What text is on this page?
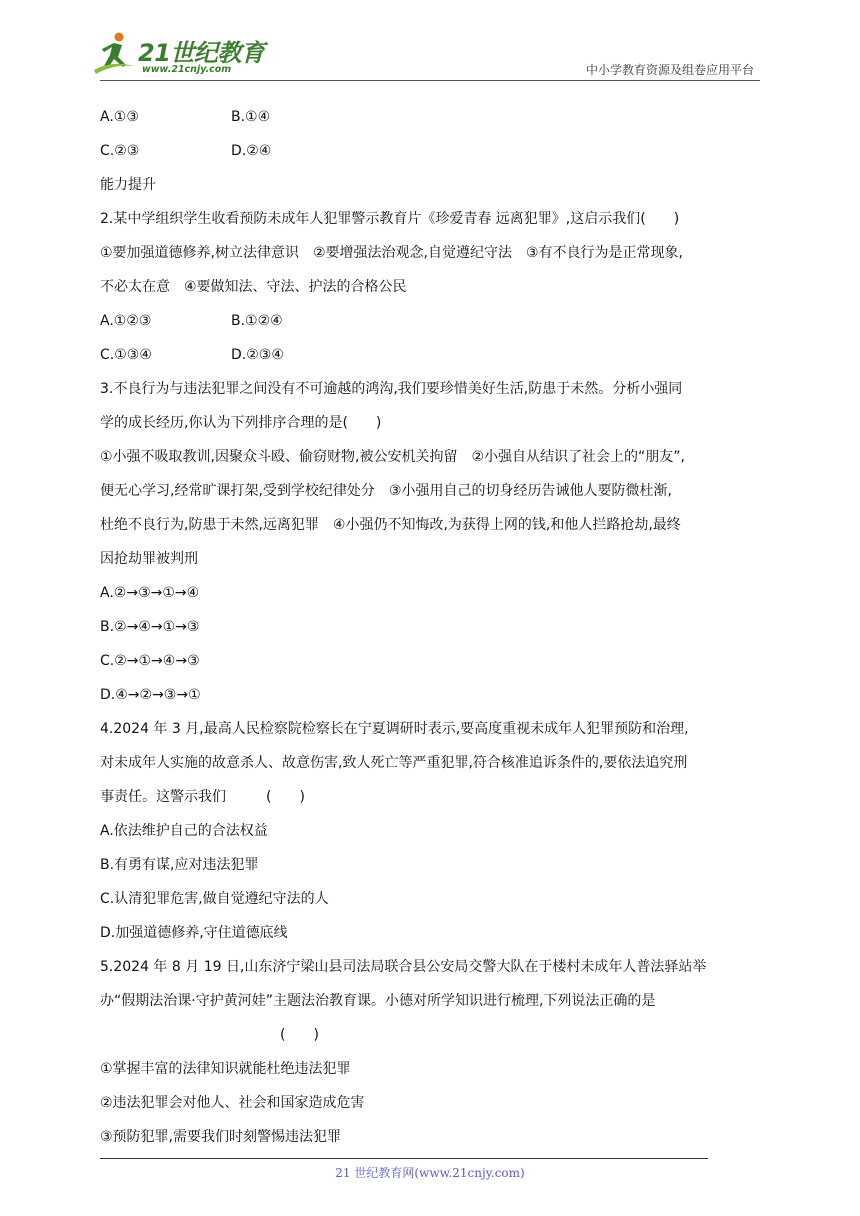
21世纪教育
www.21cnjy.com	中小学教育资源及组卷应用平台
A.①③	B.①④
C.②③	D.②④
能力提升
2.某中学组织学生收看预防未成年人犯罪警示教育片《珍爱青春 远离犯罪》,这启示我们(　　)
①要加强道德修养,树立法律意识　②要增强法治观念,自觉遵纪守法　③有不良行为是正常现象,
不必太在意　④要做知法、守法、护法的合格公民
A.①②③	B.①②④
C.①③④	D.②③④
3.不良行为与违法犯罪之间没有不可逾越的鸿沟,我们要珍惜美好生活,防患于未然。分析小强同
学的成长经历,你认为下列排序合理的是(　　)
①小强不吸取教训,因聚众斗殴、偷窃财物,被公安机关拘留　②小强自从结识了社会上的“朋友”,
便无心学习,经常旷课打架,受到学校纪律处分　③小强用自己的切身经历告诫他人要防微杜渐,
杜绝不良行为,防患于未然,远离犯罪　④小强仍不知悔改,为获得上网的钱,和他人拦路抢劫,最终
因抢劫罪被判刑
A.②→③→①→④
B.②→④→①→③
C.②→①→④→③
D.④→②→③→①
4.2024 年 3 月,最高人民检察院检察长在宁夏调研时表示,要高度重视未成年人犯罪预防和治理,
对未成年人实施的故意杀人、故意伤害,致人死亡等严重犯罪,符合核准追诉条件的,要依法追究刑
事责任。这警示我们	(　　)
A.依法维护自己的合法权益
B.有勇有谋,应对违法犯罪
C.认清犯罪危害,做自觉遵纪守法的人
D.加强道德修养,守住道德底线
5.2024 年 8 月 19 日,山东济宁梁山县司法局联合县公安局交警大队在于楼村未成年人普法驿站举
办“假期法治课·守护黄河娃”主题法治教育课。小德对所学知识进行梳理,下列说法正确的是
(　　)
①掌握丰富的法律知识就能杜绝违法犯罪
②违法犯罪会对他人、社会和国家造成危害
③预防犯罪,需要我们时刻警惕违法犯罪
21 世纪教育网(www.21cnjy.com)
